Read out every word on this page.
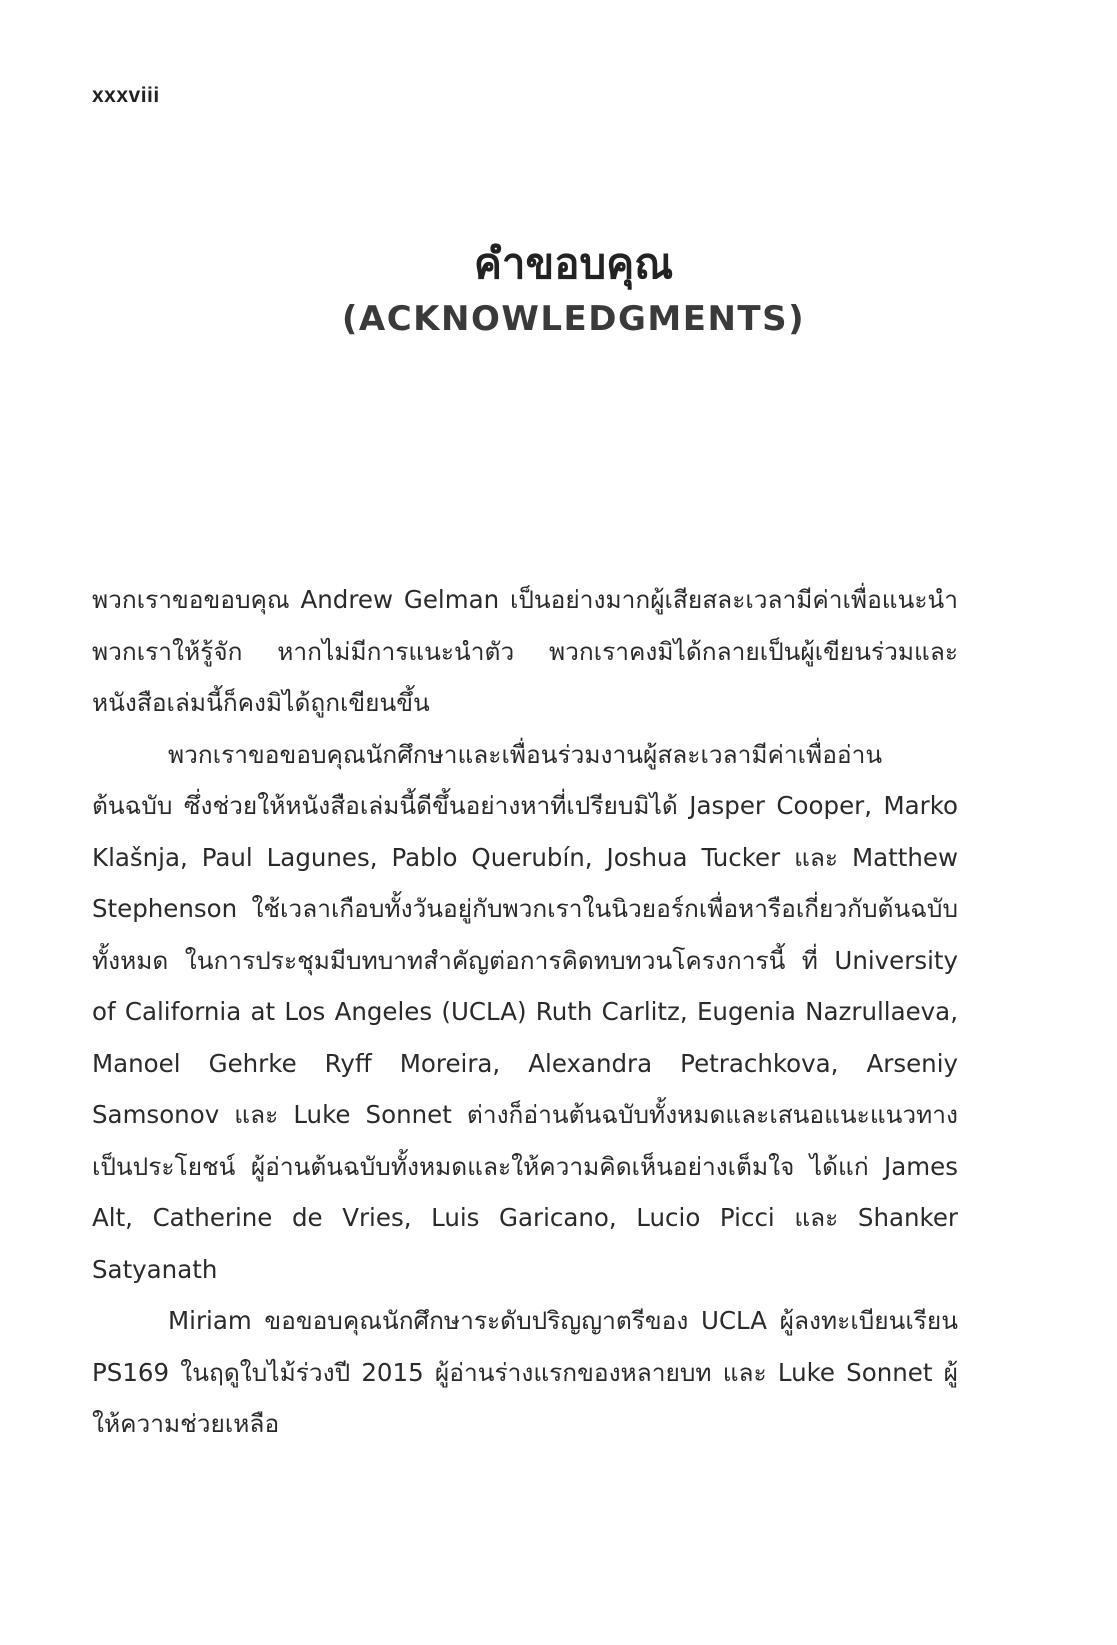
xxxviii
คำขอบคุณ
(ACKNOWLEDGMENTS)

พวกเราขอขอบคุณ Andrew Gelman เป็นอย่างมากผู้เสียสละเวลามีค่าเพื่อแนะนำพวกเราให้รู้จัก หากไม่มีการแนะนำตัว พวกเราคงมิได้กลายเป็นผู้เขียนร่วมและหนังสือเล่มนี้ก็คงมิได้ถูกเขียนขึ้น

พวกเราขอขอบคุณนักศึกษาและเพื่อนร่วมงานผู้สละเวลามีค่าเพื่ออ่านต้นฉบับ ซึ่งช่วยให้หนังสือเล่มนี้ดีขึ้นอย่างหาที่เปรียบมิได้ Jasper Cooper, Marko Klašnja, Paul Lagunes, Pablo Querubín, Joshua Tucker และ Matthew Stephenson ใช้เวลาเกือบทั้งวันอยู่กับพวกเราในนิวยอร์กเพื่อหารือเกี่ยวกับต้นฉบับทั้งหมด ในการประชุมมีบทบาทสำคัญต่อการคิดทบทวนโครงการนี้ ที่ University of California at Los Angeles (UCLA) Ruth Carlitz, Eugenia Nazrullaeva, Manoel Gehrke Ryff Moreira, Alexandra Petrachkova, Arseniy Samsonov และ Luke Sonnet ต่างก็อ่านต้นฉบับทั้งหมดและเสนอแนะแนวทางเป็นประโยชน์ ผู้อ่านต้นฉบับทั้งหมดและให้ความคิดเห็นอย่างเต็มใจ ได้แก่ James Alt, Catherine de Vries, Luis Garicano, Lucio Picci และ Shanker Satyanath

Miriam ขอขอบคุณนักศึกษาระดับปริญญาตรีของ UCLA ผู้ลงทะเบียนเรียน PS169 ในฤดูใบไม้ร่วงปี 2015 ผู้อ่านร่างแรกของหลายบท และ Luke Sonnet ผู้ให้ความช่วยเหลือ
